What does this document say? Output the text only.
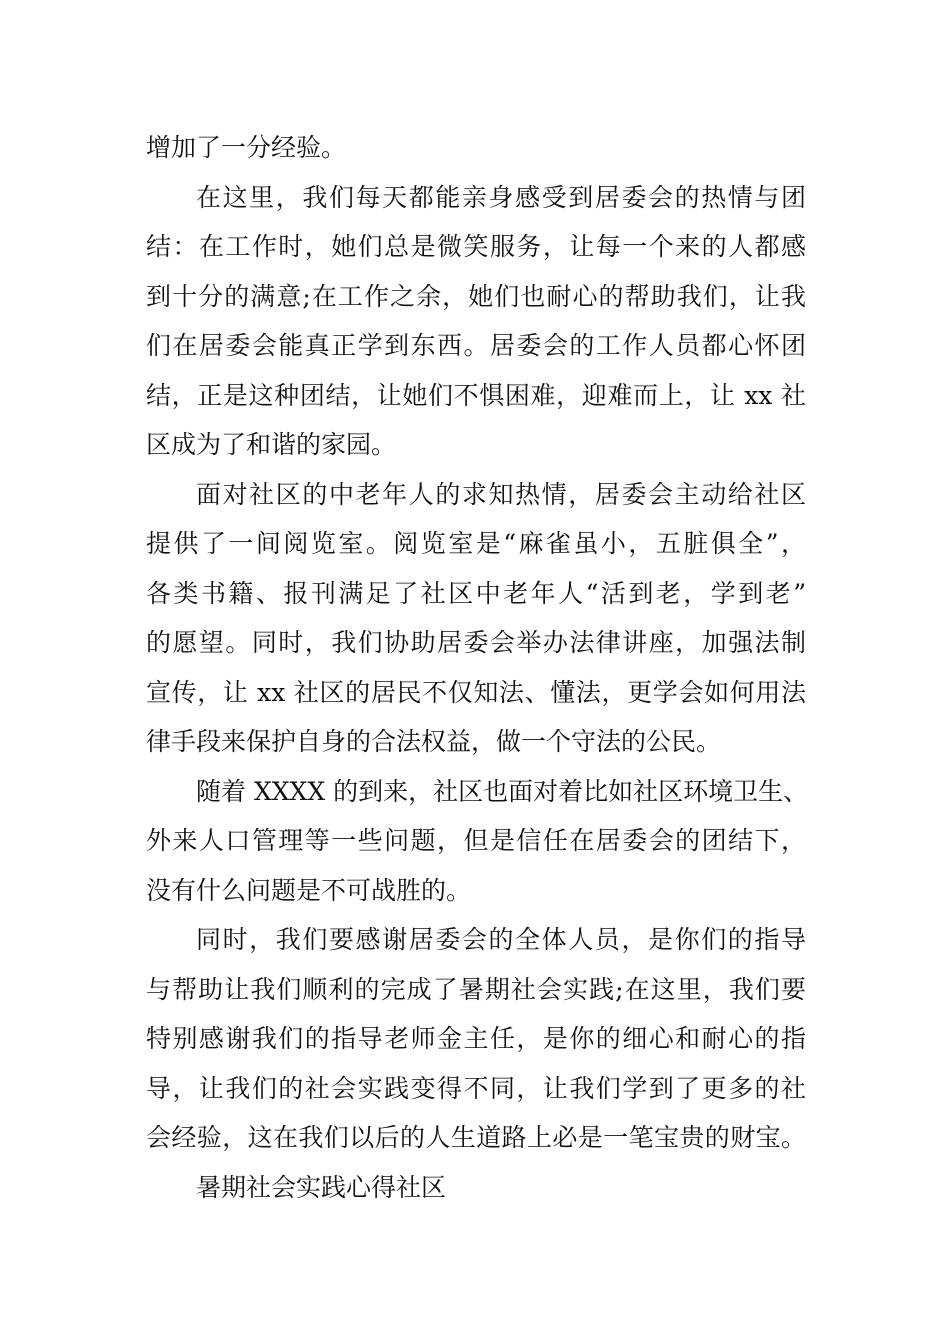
增加了一分经验。
在这里，我们每天都能亲身感受到居委会的热情与团
结：在工作时，她们总是微笑服务，让每一个来的人都感
到十分的满意;在工作之余，她们也耐心的帮助我们，让我
们在居委会能真正学到东西。居委会的工作人员都心怀团
结，正是这种团结，让她们不惧困难，迎难而上，让 xx 社
区成为了和谐的家园。
面对社区的中老年人的求知热情，居委会主动给社区
提供了一间阅览室。阅览室是“麻雀虽小，五脏俱全”，
各类书籍、报刊满足了社区中老年人“活到老，学到老”
的愿望。同时，我们协助居委会举办法律讲座，加强法制
宣传，让 xx 社区的居民不仅知法、懂法，更学会如何用法
律手段来保护自身的合法权益，做一个守法的公民。
随着 XXXX 的到来，社区也面对着比如社区环境卫生、
外来人口管理等一些问题，但是信任在居委会的团结下，
没有什么问题是不可战胜的。
同时，我们要感谢居委会的全体人员，是你们的指导
与帮助让我们顺利的完成了暑期社会实践;在这里，我们要
特别感谢我们的指导老师金主任，是你的细心和耐心的指
导，让我们的社会实践变得不同，让我们学到了更多的社
会经验，这在我们以后的人生道路上必是一笔宝贵的财宝。
暑期社会实践心得社区
